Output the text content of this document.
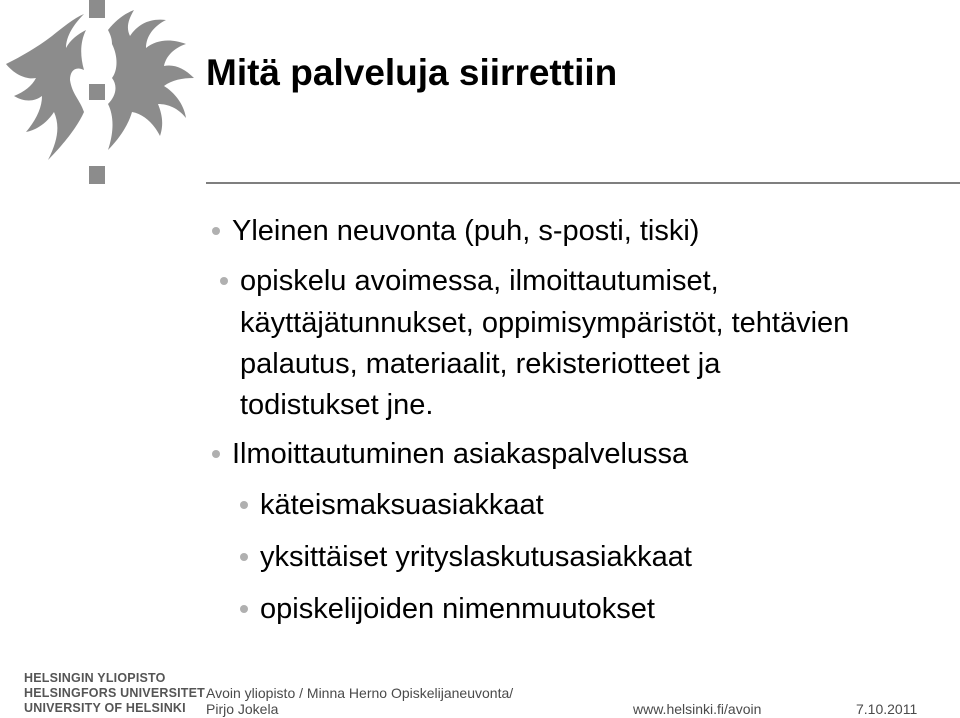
Mitä palveluja siirrettiin
Yleinen neuvonta (puh, s-posti, tiski)
opiskelu avoimessa, ilmoittautumiset,
käyttäjätunnukset, oppimisympäristöt, tehtävien
palautus, materiaalit, rekisteriotteet ja
todistukset jne.
Ilmoittautuminen asiakaspalvelussa
käteismaksuasiakkaat
yksittäiset yrityslaskutusasiakkaat
opiskelijoiden nimenmuutokset
HELSINGIN YLIOPISTO
HELSINGFORS UNIVERSITET
UNIVERSITY OF HELSINKI
Avoin yliopisto / Minna Herno Opiskelijaneuvonta/
Pirjo Jokela	www.helsinki.fi/avoin	7.10.2011
